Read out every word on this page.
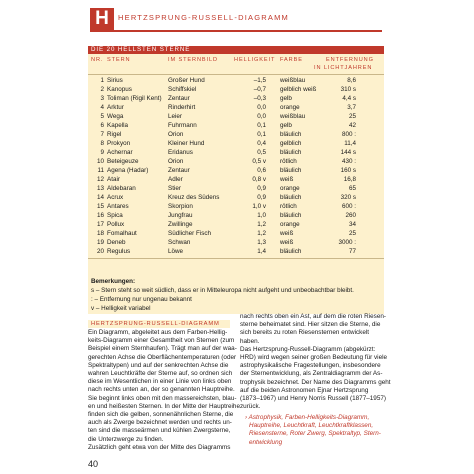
H	HERTZSPRUNG-RUSSELL-DIAGRAMM
DIE 20 HELLSTEN STERNE
NR. STERN	IM STERNBILD	HELLIGKEIT FARBE	ENTFERNUNG
IN LICHTJAHREN
1 Sirius	Großer Hund	–1,5 weißblau	8,6
2 Kanopus	Schiffskiel	–0,7 gelblich weiß	310 s
3 Toliman (Rigil Kent) Zentaur	–0,3 gelb	4,4 s
4 Arktur	Rinderhirt	0,0 orange	3,7
5 Wega	Leier	0,0 weißblau	25
6 Kapella	Fuhrmann	0,1 gelb	42
7 Rigel	Orion	0,1 bläulich	800 :
8 Prokyon	Kleiner Hund	0,4 gelblich	11,4
9 Achernar	Eridanus	0,5 bläulich	144 s
10 Beteigeuze	Orion	0,5 v rötlich	430 :
11 Agena (Hadar)	Zentaur	0,6 bläulich	160 s
12 Atair	Adler	0,8 v weiß	16,8
13 Aldebaran	Stier	0,9 orange	65
14 Acrux	Kreuz des Südens	0,9 bläulich	320 s
15 Antares	Skorpion	1,0 v rötlich	600 :
16 Spica	Jungfrau	1,0 bläulich	260
17 Pollux	Zwillinge	1,2 orange	34
18 Fomalhaut	Südlicher Fisch	1,2 weiß	25
19 Deneb	Schwan	1,3 weiß	3000 :
20 Regulus	Löwe	1,4 bläulich	77
Bemerkungen:
s – Stern steht so weit südlich, dass er in Mitteleuropa nicht aufgeht und unbeobachtbar bleibt.
: – Entfernung nur ungenau bekannt
v – Helligkeit variabel
HERTZSPRUNG-RUSSELL-DIAGRAMM
Ein Diagramm, abgeleitet aus dem Farben-Hellig-
keits-Diagramm einer Gesamtheit von Sternen (zum
Beispiel einem Sternhaufen). Trägt man auf der waa-
gerechten Achse die Oberflächentemperaturen (oder
Spektraltypen) und auf der senkrechten Achse die
wahren Leuchtkräfte der Sterne auf, so ordnen sich
diese im Wesentlichen in einer Linie von links oben
nach rechts unten an, der so genannten Hauptreihe.
Sie beginnt links oben mit den massereichsten, blau-
en und heißesten Sternen. In der Mitte der Hauptreihe
finden sich die gelben, sonnenähnlichen Sterne, die
auch als Zwerge bezeichnet werden und rechts un-
ten sind die masseärmen und kühlen Zwergsterne,
die Unterzwerge zu finden.
Zusätzlich geht etwa von der Mitte des Diagramms
nach rechts oben ein Ast, auf dem die roten Riesen-
sterne beheimatet sind. Hier sitzen die Sterne, die
sich bereits zu roten Riesensternen entwickelt
haben.
Das Hertzsprung-Russell-Diagramm (abgekürzt:
HRD) wird wegen seiner großen Bedeutung für viele
astrophysikalische Fragestellungen, insbesondere
der Sternentwicklung, als Zentraldiagramm der As-
trophysik bezeichnet. Der Name des Diagramms geht
auf die beiden Astronomen Ejnar Hertzsprung
(1873–1967) und Henry Norris Russell (1877–1957)
zurück.
› Astrophysik, Farben-Helligkeits-Diagramm,
Hauptreihe, Leuchtkraft, Leuchtkraftklassen,
Riesensterne, Roter Zwerg, Spektraltyp, Stern-
entwicklung
40
